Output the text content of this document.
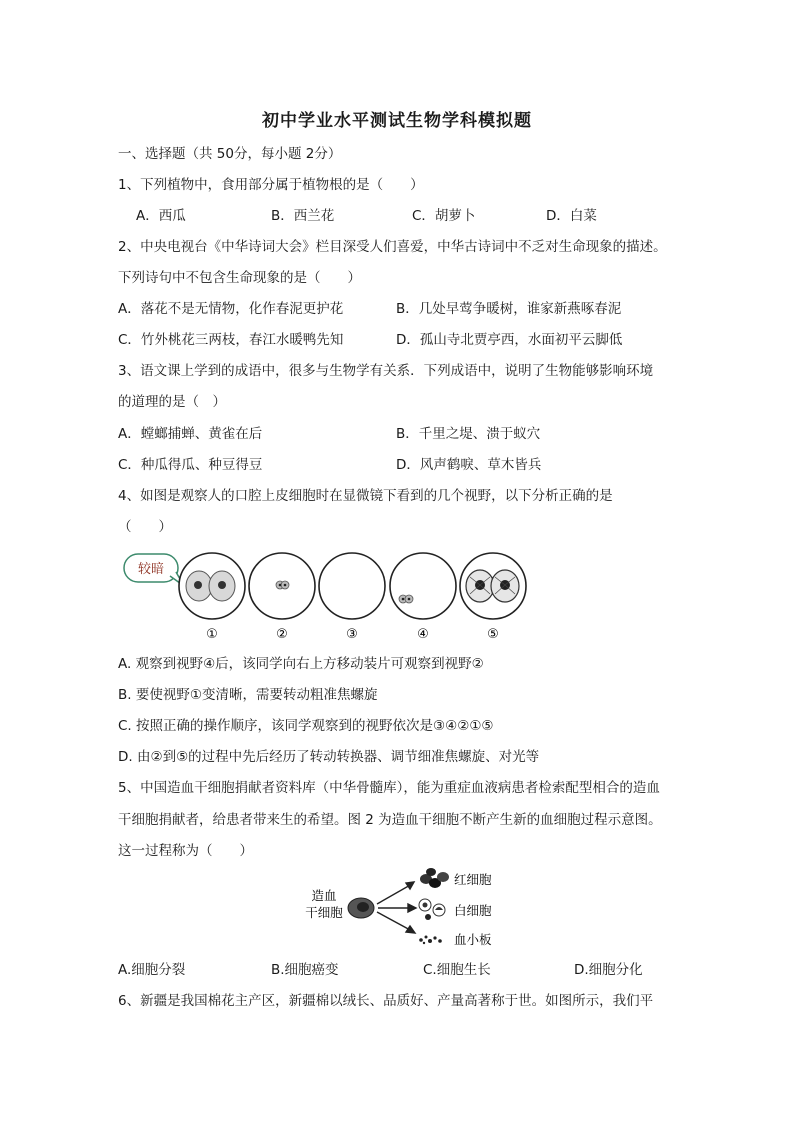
初中学业水平测试生物学科模拟题
一、选择题（共 50分，每小题 2分）
1、下列植物中，食用部分属于植物根的是（　　）
A．西瓜	B．西兰花	C．胡萝卜	D．白菜
2、中央电视台《中华诗词大会》栏目深受人们喜爱，中华古诗词中不乏对生命现象的描述。
下列诗句中不包含生命现象的是（　　）
A．落花不是无情物，化作春泥更护花	B．几处早莺争暖树，谁家新燕啄春泥
C．竹外桃花三两枝，春江水暖鸭先知	D．孤山寺北贾亭西，水面初平云脚低
3、语文课上学到的成语中，很多与生物学有关系．下列成语中，说明了生物能够影响环境
的道理的是（　）
A．螳螂捕蝉、黄雀在后	B．千里之堤、溃于蚁穴
C．种瓜得瓜、种豆得豆	D．风声鹤唳、草木皆兵
4、如图是观察人的口腔上皮细胞时在显微镜下看到的几个视野，以下分析正确的是
（　　）
较暗
①	②	③	④	⑤
A. 观察到视野④后，该同学向右上方移动装片可观察到视野②
B. 要使视野①变清晰，需要转动粗准焦螺旋
C. 按照正确的操作顺序，该同学观察到的视野依次是③④②①⑤
D. 由②到⑤的过程中先后经历了转动转换器、调节细准焦螺旋、对光等
5、中国造血干细胞捐献者资料库（中华骨髓库），能为重症血液病患者检索配型相合的造血
干细胞捐献者，给患者带来生的希望。图 2 为造血干细胞不断产生新的血细胞过程示意图。
这一过程称为（　　）
造血
干细胞
红细胞
白细胞
血小板
A.细胞分裂	B.细胞癌变	C.细胞生长	D.细胞分化
6、新疆是我国棉花主产区，新疆棉以绒长、品质好、产量高著称于世。如图所示，我们平
